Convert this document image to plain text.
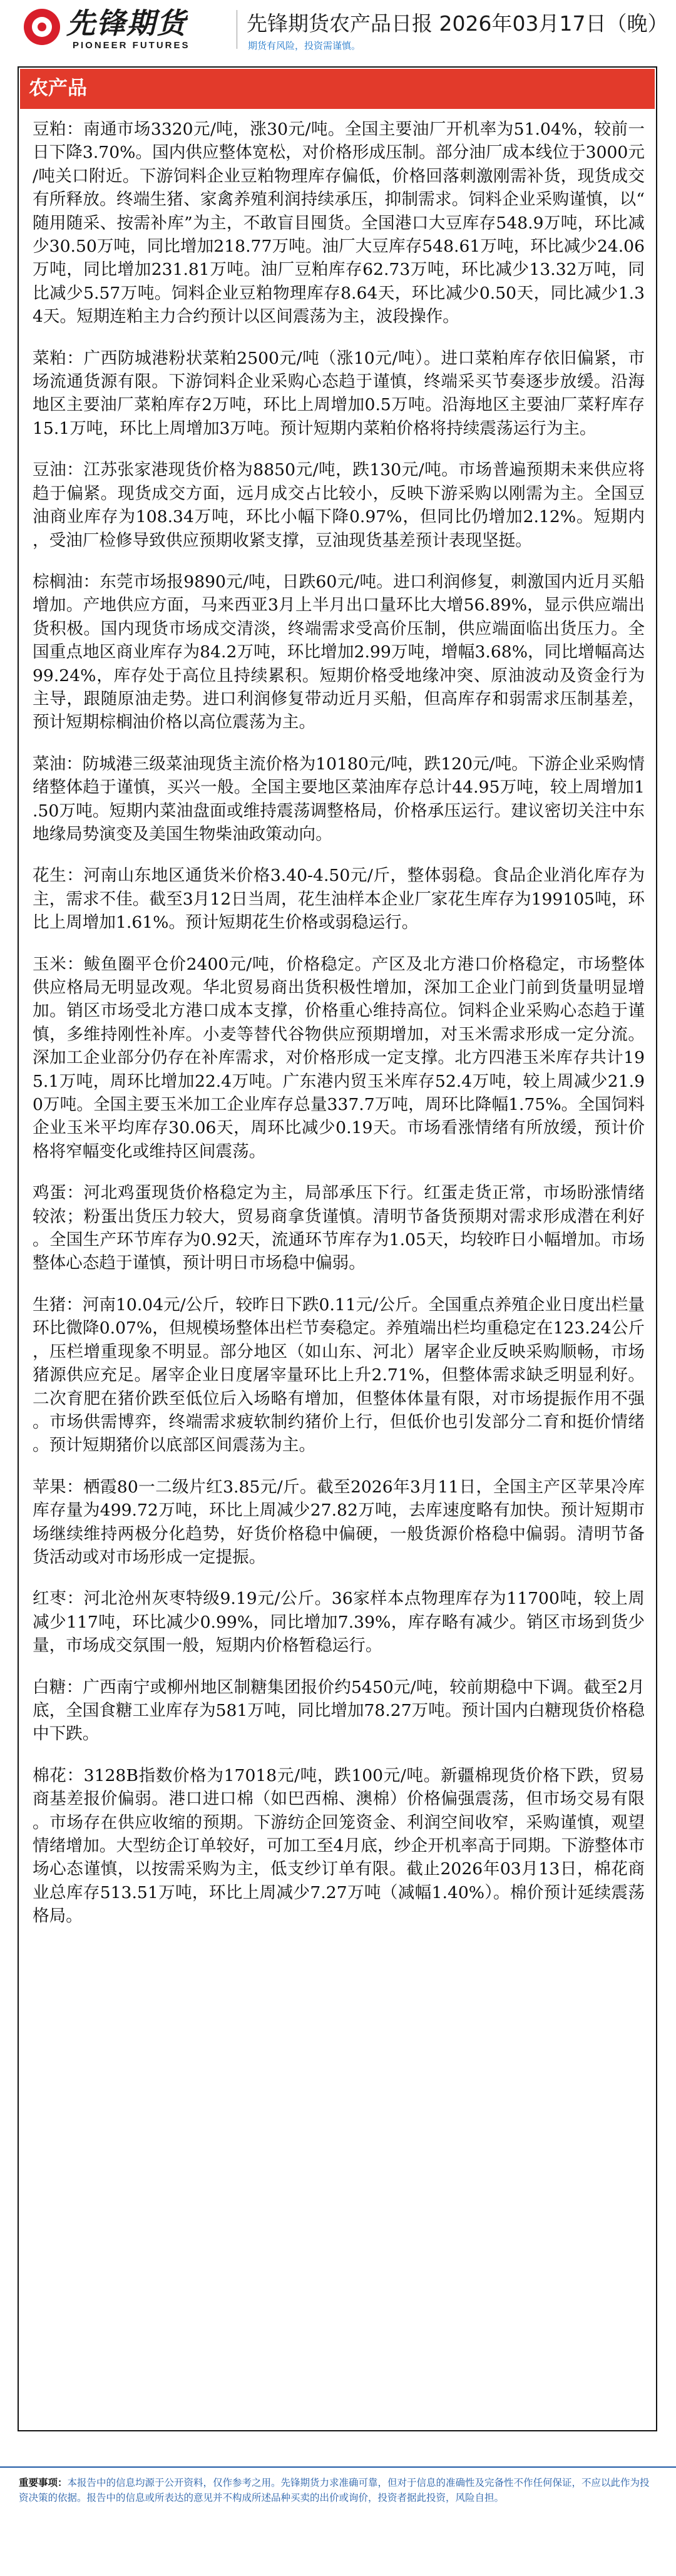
先锋期货
PIONEER FUTURES
先锋期货农产品日报 2026年03月17日（晚）
期货有风险，投资需谨慎。
农产品

豆粕：南通市场3320元/吨，涨30元/吨。全国主要油厂开机率为51.04%，较前一日下降3.70%。国内供应整体宽松，对价格形成压制。部分油厂成本线位于3000元/吨关口附近。下游饲料企业豆粕物理库存偏低，价格回落刺激刚需补货，现货成交有所释放。终端生猪、家禽养殖利润持续承压，抑制需求。饲料企业采购谨慎，以“随用随采、按需补库”为主，不敢盲目囤货。全国港口大豆库存548.9万吨，环比减少30.50万吨，同比增加218.77万吨。油厂大豆库存548.61万吨，环比减少24.06万吨，同比增加231.81万吨。油厂豆粕库存62.73万吨，环比减少13.32万吨，同比减少5.57万吨。饲料企业豆粕物理库存8.64天，环比减少0.50天，同比减少1.34天。短期连粕主力合约预计以区间震荡为主，波段操作。

菜粕：广西防城港粉状菜粕2500元/吨（涨10元/吨）。进口菜粕库存依旧偏紧，市场流通货源有限。下游饲料企业采购心态趋于谨慎，终端采买节奏逐步放缓。沿海地区主要油厂菜粕库存2万吨，环比上周增加0.5万吨。沿海地区主要油厂菜籽库存15.1万吨，环比上周增加3万吨。预计短期内菜粕价格将持续震荡运行为主。

豆油：江苏张家港现货价格为8850元/吨，跌130元/吨。市场普遍预期未来供应将趋于偏紧。现货成交方面，远月成交占比较小，反映下游采购以刚需为主。全国豆油商业库存为108.34万吨，环比小幅下降0.97%，但同比仍增加2.12%。短期内，受油厂检修导致供应预期收紧支撑，豆油现货基差预计表现坚挺。

棕榈油：东莞市场报9890元/吨，日跌60元/吨。进口利润修复，刺激国内近月买船增加。产地供应方面，马来西亚3月上半月出口量环比大增56.89%，显示供应端出货积极。国内现货市场成交清淡，终端需求受高价压制，供应端面临出货压力。全国重点地区商业库存为84.2万吨，环比增加2.99万吨，增幅3.68%，同比增幅高达99.24%，库存处于高位且持续累积。短期价格受地缘冲突、原油波动及资金行为主导，跟随原油走势。进口利润修复带动近月买船，但高库存和弱需求压制基差，预计短期棕榈油价格以高位震荡为主。

菜油：防城港三级菜油现货主流价格为10180元/吨，跌120元/吨。下游企业采购情绪整体趋于谨慎，买兴一般。全国主要地区菜油库存总计44.95万吨，较上周增加1.50万吨。短期内菜油盘面或维持震荡调整格局，价格承压运行。建议密切关注中东地缘局势演变及美国生物柴油政策动向。

花生：河南山东地区通货米价格3.40-4.50元/斤，整体弱稳。食品企业消化库存为主，需求不佳。截至3月12日当周，花生油样本企业厂家花生库存为199105吨，环比上周增加1.61%。预计短期花生价格或弱稳运行。

玉米：鲅鱼圈平仓价2400元/吨，价格稳定。产区及北方港口价格稳定，市场整体供应格局无明显改观。华北贸易商出货积极性增加，深加工企业门前到货量明显增加。销区市场受北方港口成本支撑，价格重心维持高位。饲料企业采购心态趋于谨慎，多维持刚性补库。小麦等替代谷物供应预期增加，对玉米需求形成一定分流。深加工企业部分仍存在补库需求，对价格形成一定支撑。北方四港玉米库存共计195.1万吨，周环比增加22.4万吨。广东港内贸玉米库存52.4万吨，较上周减少21.90万吨。全国主要玉米加工企业库存总量337.7万吨，周环比降幅1.75%。全国饲料企业玉米平均库存30.06天，周环比减少0.19天。市场看涨情绪有所放缓，预计价格将窄幅变化或维持区间震荡。

鸡蛋：河北鸡蛋现货价格稳定为主，局部承压下行。红蛋走货正常，市场盼涨情绪较浓；粉蛋出货压力较大，贸易商拿货谨慎。清明节备货预期对需求形成潜在利好。全国生产环节库存为0.92天，流通环节库存为1.05天，均较昨日小幅增加。市场整体心态趋于谨慎，预计明日市场稳中偏弱。

生猪：河南10.04元/公斤，较昨日下跌0.11元/公斤。全国重点养殖企业日度出栏量环比微降0.07%，但规模场整体出栏节奏稳定。养殖端出栏均重稳定在123.24公斤，压栏增重现象不明显。部分地区（如山东、河北）屠宰企业反映采购顺畅，市场猪源供应充足。屠宰企业日度屠宰量环比上升2.71%，但整体需求缺乏明显利好。二次育肥在猪价跌至低位后入场略有增加，但整体体量有限，对市场提振作用不强。市场供需博弈，终端需求疲软制约猪价上行，但低价也引发部分二育和挺价情绪。预计短期猪价以底部区间震荡为主。

苹果：栖霞80一二级片红3.85元/斤。截至2026年3月11日，全国主产区苹果冷库库存量为499.72万吨，环比上周减少27.82万吨，去库速度略有加快。预计短期市场继续维持两极分化趋势，好货价格稳中偏硬，一般货源价格稳中偏弱。清明节备货活动或对市场形成一定提振。

红枣：河北沧州灰枣特级9.19元/公斤。36家样本点物理库存为11700吨，较上周减少117吨，环比减少0.99%，同比增加7.39%，库存略有减少。销区市场到货少量，市场成交氛围一般，短期内价格暂稳运行。

白糖：广西南宁或柳州地区制糖集团报价约5450元/吨，较前期稳中下调。截至2月底，全国食糖工业库存为581万吨，同比增加78.27万吨。预计国内白糖现货价格稳中下跌。

棉花：3128B指数价格为17018元/吨，跌100元/吨。新疆棉现货价格下跌，贸易商基差报价偏弱。港口进口棉（如巴西棉、澳棉）价格偏强震荡，但市场交易有限。市场存在供应收缩的预期。下游纺企回笼资金、利润空间收窄，采购谨慎，观望情绪增加。大型纺企订单较好，可加工至4月底，纱企开机率高于同期。下游整体市场心态谨慎，以按需采购为主，低支纱订单有限。截止2026年03月13日，棉花商业总库存513.51万吨，环比上周减少7.27万吨（减幅1.40%）。棉价预计延续震荡格局。

重要事项：本报告中的信息均源于公开资料，仅作参考之用。先锋期货力求准确可靠，但对于信息的准确性及完备性不作任何保证，不应以此作为投资决策的依据。报告中的信息或所表达的意见并不构成所述品种买卖的出价或询价，投资者据此投资，风险自担。
